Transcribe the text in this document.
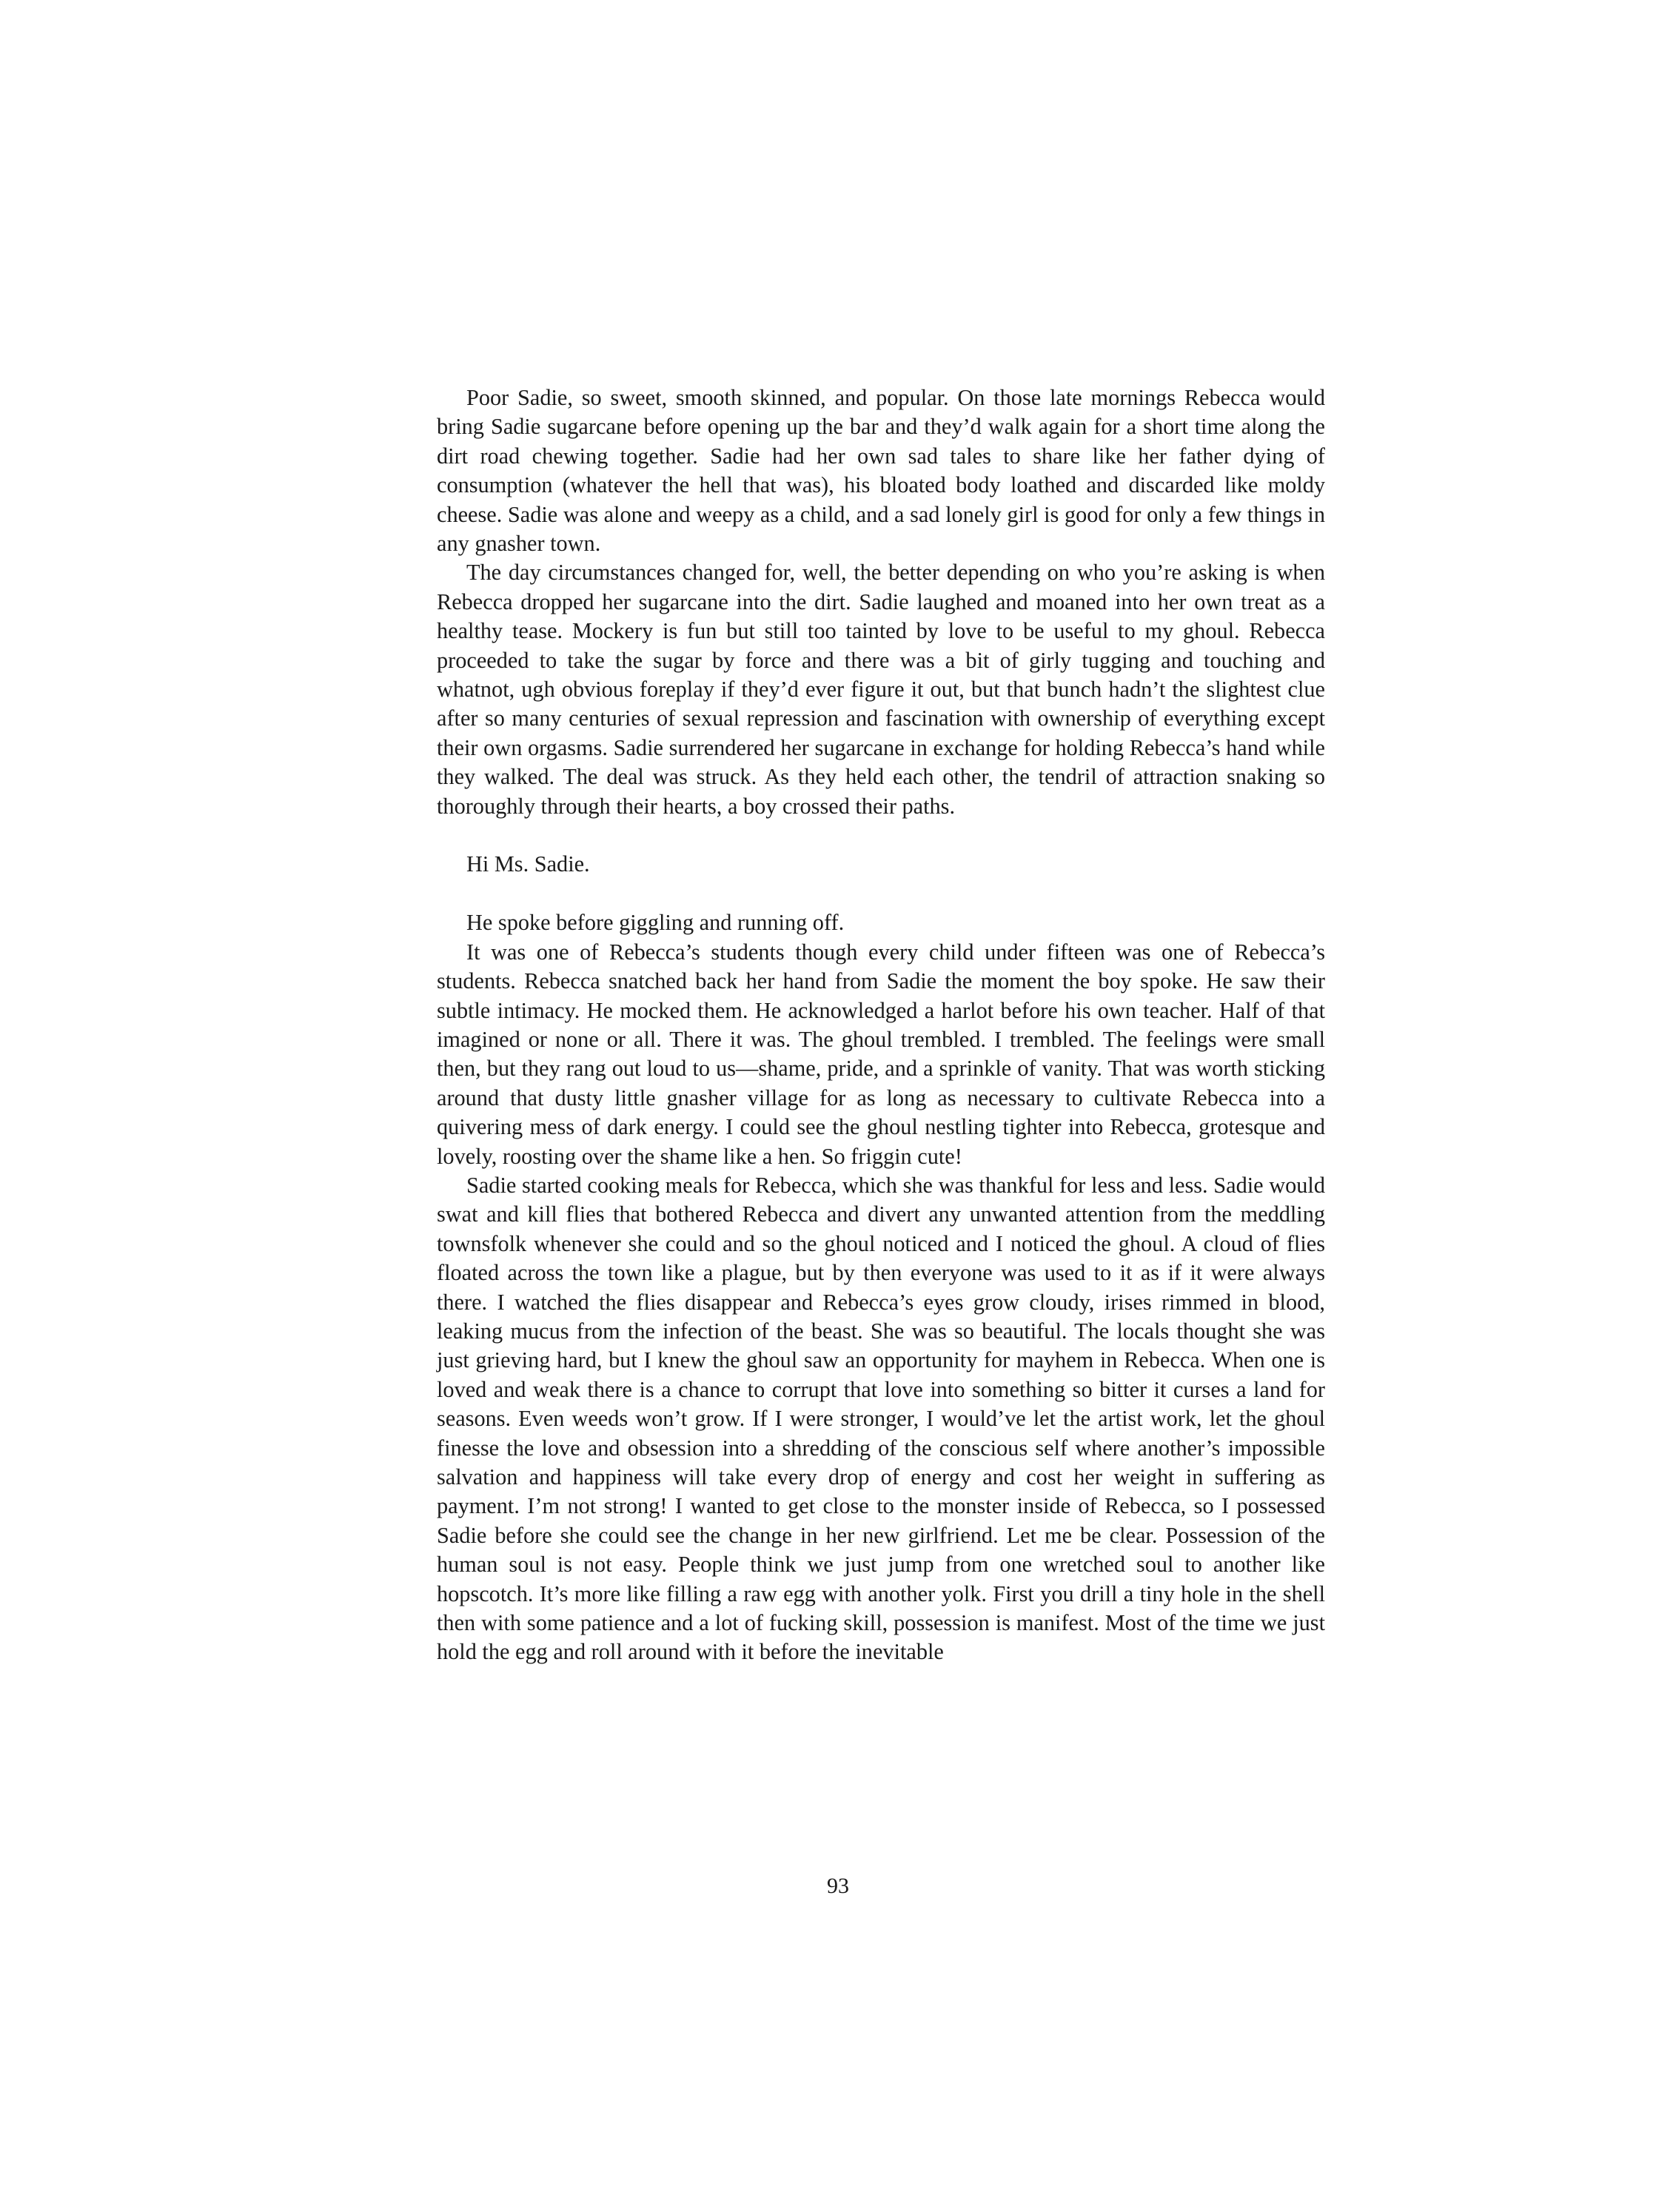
Poor Sadie, so sweet, smooth skinned, and popular. On those late mornings Rebecca would bring Sadie sugarcane before opening up the bar and they’d walk again for a short time along the dirt road chewing together. Sadie had her own sad tales to share like her father dying of consumption (whatever the hell that was), his bloated body loathed and discarded like moldy cheese. Sadie was alone and weepy as a child, and a sad lonely girl is good for only a few things in any gnasher town.

The day circumstances changed for, well, the better depending on who you’re asking is when Rebecca dropped her sugarcane into the dirt. Sadie laughed and moaned into her own treat as a healthy tease. Mockery is fun but still too tainted by love to be useful to my ghoul. Rebecca proceeded to take the sugar by force and there was a bit of girly tugging and touching and whatnot, ugh obvious foreplay if they’d ever figure it out, but that bunch hadn’t the slightest clue after so many centuries of sexual repression and fascination with ownership of everything except their own orgasms. Sadie surrendered her sugarcane in exchange for holding Rebecca’s hand while they walked. The deal was struck. As they held each other, the tendril of attraction snaking so thoroughly through their hearts, a boy crossed their paths.

Hi Ms. Sadie.

He spoke before giggling and running off.

It was one of Rebecca’s students though every child under fifteen was one of Rebecca’s students. Rebecca snatched back her hand from Sadie the moment the boy spoke. He saw their subtle intimacy. He mocked them. He acknowledged a harlot before his own teacher. Half of that imagined or none or all. There it was. The ghoul trembled. I trembled. The feelings were small then, but they rang out loud to us—shame, pride, and a sprinkle of vanity. That was worth sticking around that dusty little gnasher village for as long as necessary to cultivate Rebecca into a quivering mess of dark energy. I could see the ghoul nestling tighter into Rebecca, grotesque and lovely, roosting over the shame like a hen. So friggin cute!

Sadie started cooking meals for Rebecca, which she was thankful for less and less. Sadie would swat and kill flies that bothered Rebecca and divert any unwanted attention from the meddling townsfolk whenever she could and so the ghoul noticed and I noticed the ghoul. A cloud of flies floated across the town like a plague, but by then everyone was used to it as if it were always there. I watched the flies disappear and Rebecca’s eyes grow cloudy, irises rimmed in blood, leaking mucus from the infection of the beast. She was so beautiful. The locals thought she was just grieving hard, but I knew the ghoul saw an opportunity for mayhem in Rebecca. When one is loved and weak there is a chance to corrupt that love into something so bitter it curses a land for seasons. Even weeds won’t grow. If I were stronger, I would’ve let the artist work, let the ghoul finesse the love and obsession into a shredding of the conscious self where another’s impossible salvation and happiness will take every drop of energy and cost her weight in suffering as payment. I’m not strong! I wanted to get close to the monster inside of Rebecca, so I possessed Sadie before she could see the change in her new girlfriend. Let me be clear. Possession of the human soul is not easy. People think we just jump from one wretched soul to another like hopscotch. It’s more like filling a raw egg with another yolk. First you drill a tiny hole in the shell then with some patience and a lot of fucking skill, possession is manifest. Most of the time we just hold the egg and roll around with it before the inevitable

93
